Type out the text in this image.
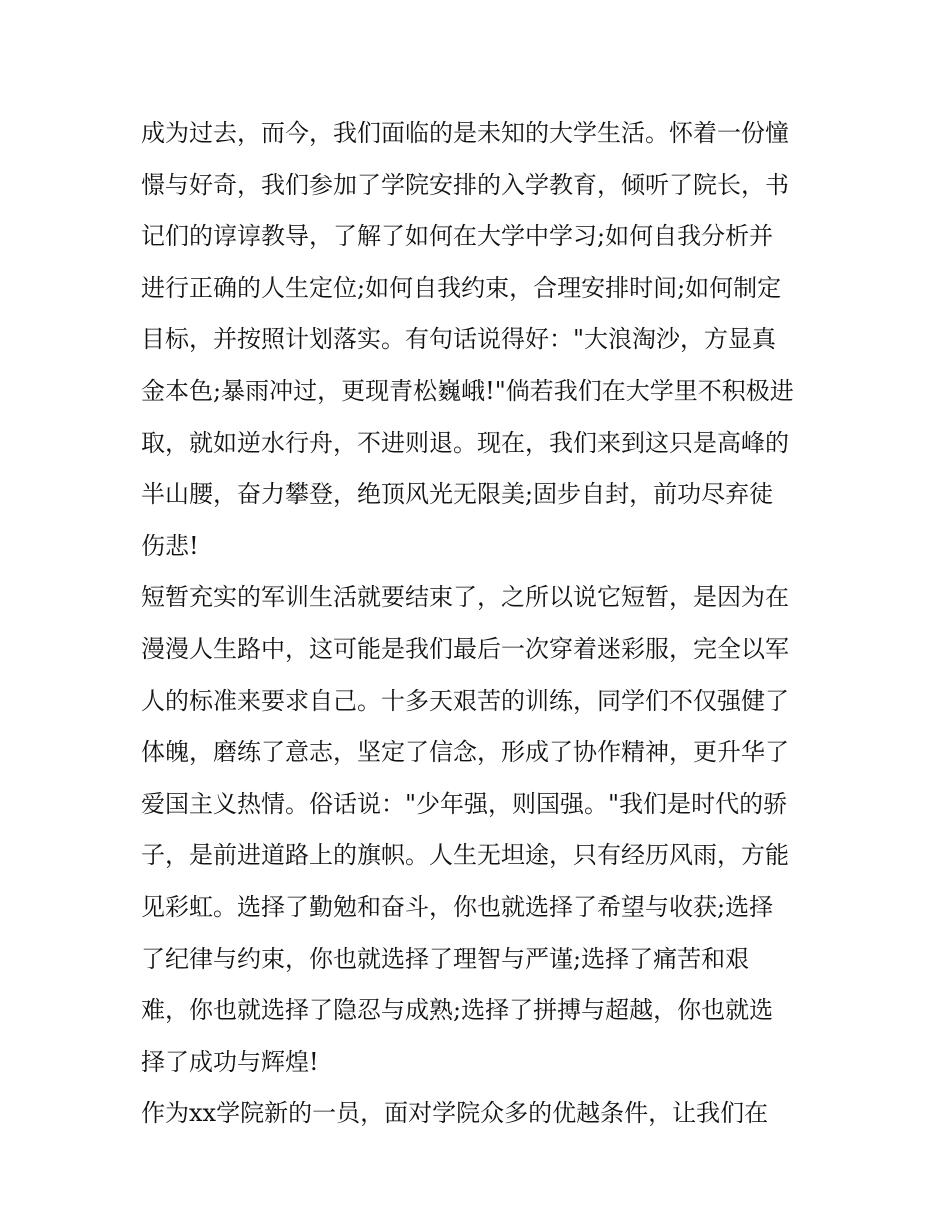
成为过去，而今，我们面临的是未知的大学生活。怀着一份憧
憬与好奇，我们参加了学院安排的入学教育，倾听了院长，书
记们的谆谆教导，了解了如何在大学中学习;如何自我分析并
进行正确的人生定位;如何自我约束，合理安排时间;如何制定
目标，并按照计划落实。有句话说得好："大浪淘沙，方显真
金本色;暴雨冲过，更现青松巍峨!"倘若我们在大学里不积极进
取，就如逆水行舟，不进则退。现在，我们来到这只是高峰的
半山腰，奋力攀登，绝顶风光无限美;固步自封，前功尽弃徒
伤悲!
短暂充实的军训生活就要结束了，之所以说它短暂，是因为在
漫漫人生路中，这可能是我们最后一次穿着迷彩服，完全以军
人的标准来要求自己。十多天艰苦的训练，同学们不仅强健了
体魄，磨练了意志，坚定了信念，形成了协作精神，更升华了
爱国主义热情。俗话说："少年强，则国强。"我们是时代的骄
子，是前进道路上的旗帜。人生无坦途，只有经历风雨，方能
见彩虹。选择了勤勉和奋斗，你也就选择了希望与收获;选择
了纪律与约束，你也就选择了理智与严谨;选择了痛苦和艰
难，你也就选择了隐忍与成熟;选择了拼搏与超越，你也就选
择了成功与辉煌!
作为xx学院新的一员，面对学院众多的优越条件，让我们在
